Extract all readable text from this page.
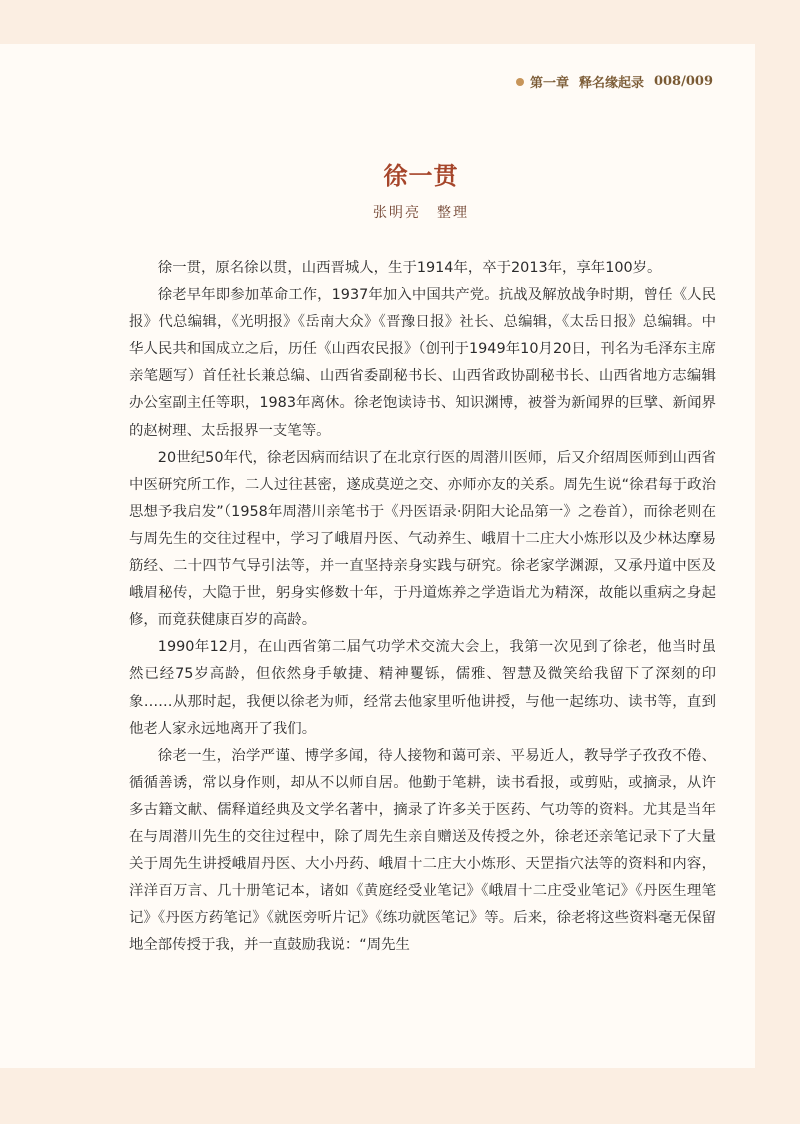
第一章 释名缘起录 008/009
徐一贯
张明亮　整理

徐一贯，原名徐以贯，山西晋城人，生于1914年，卒于2013年，享年100岁。

徐老早年即参加革命工作，1937年加入中国共产党。抗战及解放战争时期，曾任《人民报》代总编辑，《光明报》《岳南大众》《晋豫日报》社长、总编辑，《太岳日报》总编辑。中华人民共和国成立之后，历任《山西农民报》（创刊于1949年10月20日，刊名为毛泽东主席亲笔题写）首任社长兼总编、山西省委副秘书长、山西省政协副秘书长、山西省地方志编辑办公室副主任等职，1983年离休。徐老饱读诗书、知识渊博，被誉为新闻界的巨擘、新闻界的赵树理、太岳报界一支笔等。

20世纪50年代，徐老因病而结识了在北京行医的周潜川医师，后又介绍周医师到山西省中医研究所工作，二人过往甚密，遂成莫逆之交、亦师亦友的关系。周先生说“徐君每于政治思想予我启发”（1958年周潜川亲笔书于《丹医语录·阴阳大论品第一》之卷首），而徐老则在与周先生的交往过程中，学习了峨眉丹医、气动养生、峨眉十二庄大小炼形以及少林达摩易筋经、二十四节气导引法等，并一直坚持亲身实践与研究。徐老家学渊源，又承丹道中医及峨眉秘传，大隐于世，躬身实修数十年，于丹道炼养之学造诣尤为精深，故能以重病之身起修，而竟获健康百岁的高龄。

1990年12月，在山西省第二届气功学术交流大会上，我第一次见到了徐老，他当时虽然已经75岁高龄，但依然身手敏捷、精神矍铄，儒雅、智慧及微笑给我留下了深刻的印象……从那时起，我便以徐老为师，经常去他家里听他讲授，与他一起练功、读书等，直到他老人家永远地离开了我们。

徐老一生，治学严谨、博学多闻，待人接物和蔼可亲、平易近人，教导学子孜孜不倦、循循善诱，常以身作则，却从不以师自居。他勤于笔耕，读书看报，或剪贴，或摘录，从许多古籍文献、儒释道经典及文学名著中，摘录了许多关于医药、气功等的资料。尤其是当年在与周潜川先生的交往过程中，除了周先生亲自赠送及传授之外，徐老还亲笔记录下了大量关于周先生讲授峨眉丹医、大小丹药、峨眉十二庄大小炼形、天罡指穴法等的资料和内容，洋洋百万言、几十册笔记本，诸如《黄庭经受业笔记》《峨眉十二庄受业笔记》《丹医生理笔记》《丹医方药笔记》《就医旁听片记》《练功就医笔记》等。后来，徐老将这些资料毫无保留地全部传授于我，并一直鼓励我说：“周先生
